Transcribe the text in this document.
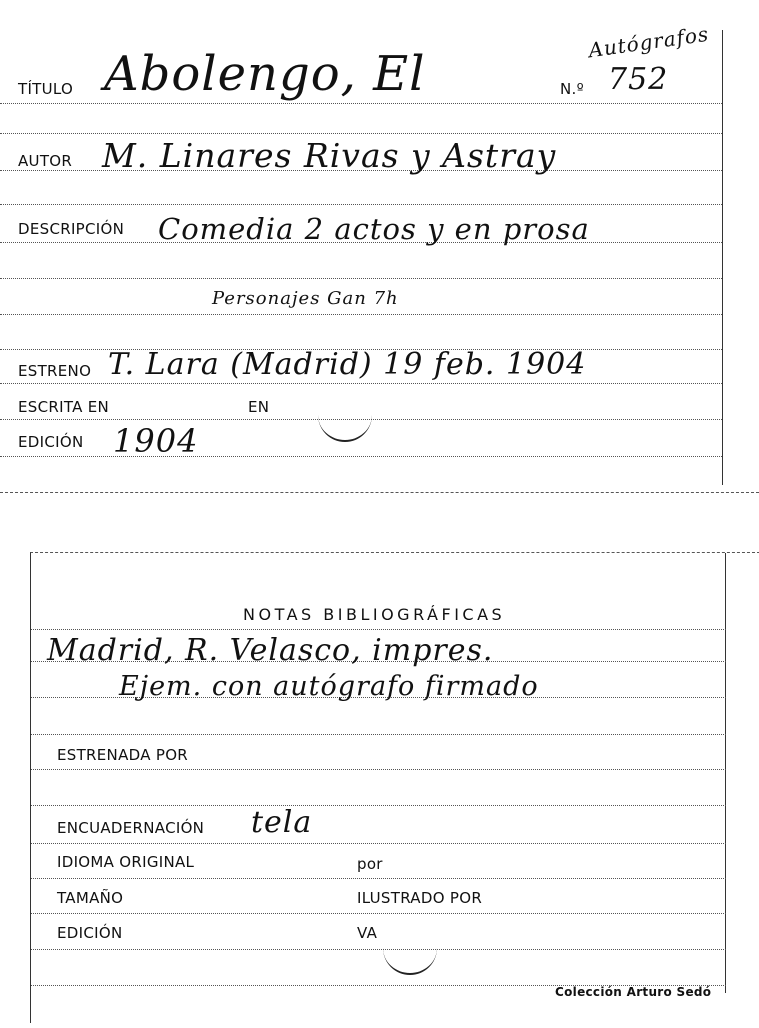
TÍTULO Abolengo, El	N.º 752
Autógrafos
AUTOR M. Linares Rivas y Astray
DESCRIPCIÓN Comedia 2 actos y en prosa
Personajes Gan 7h
ESTRENO T. Lara (Madrid) 19 feb. 1904
ESCRITA EN	EN
EDICIÓN 1904
NOTAS BIBLIOGRÁFICAS
Madrid, R. Velasco, impres.
Ejem. con autógrafo firmado
ESTRENADA POR
ENCUADERNACIÓN tela
IDIOMA ORIGINAL	por
TAMAÑO	ILUSTRADO POR
EDICIÓN	VA
Colección Arturo Sedó
